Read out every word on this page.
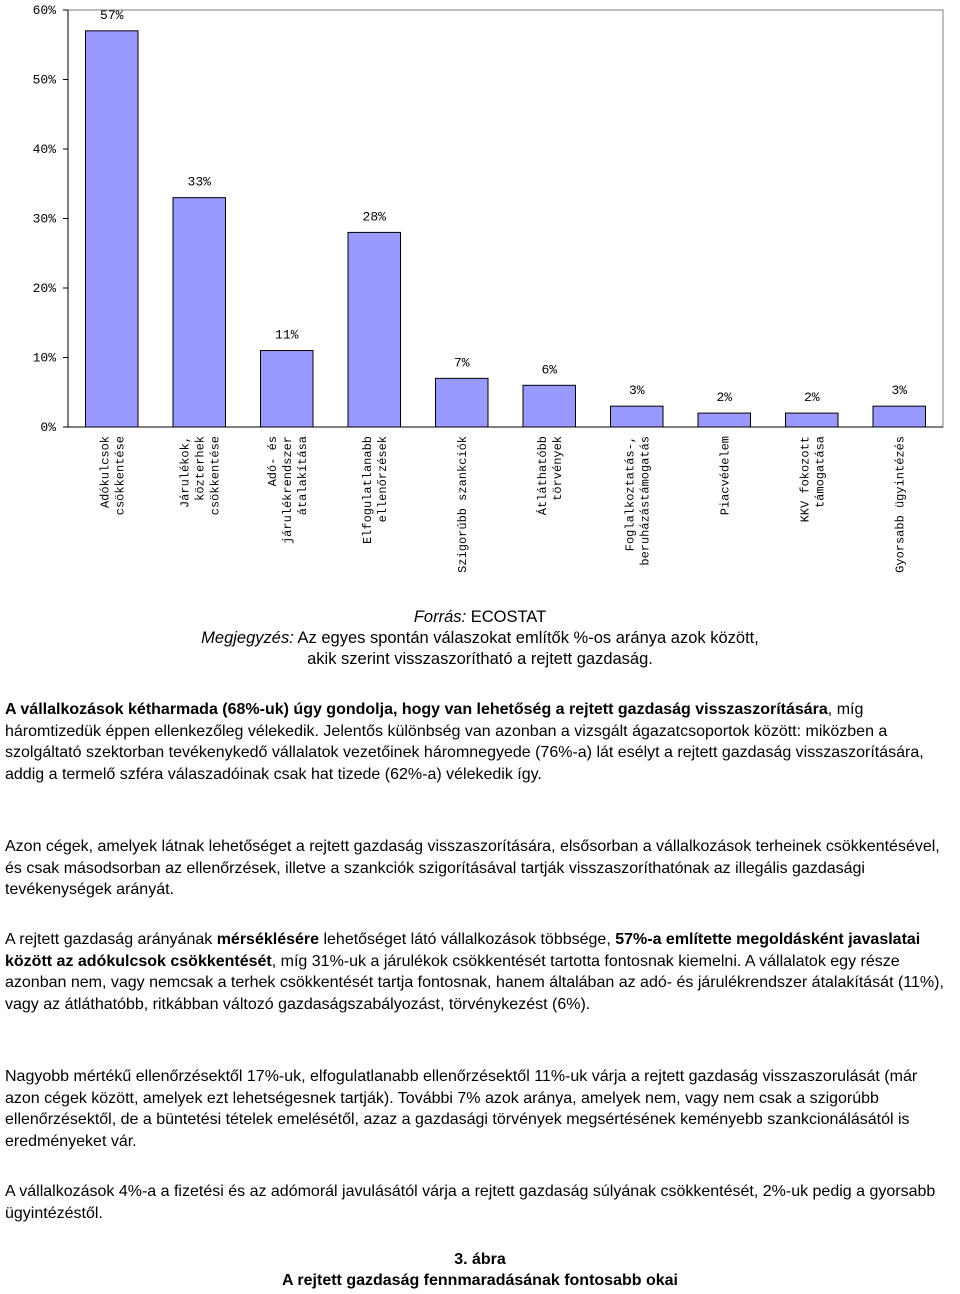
0%
10%
20%
30%
40%
50%
60%	57%
33%
11%
28%
7%	6%
3%	2%	2%	3%
Adókulcsok csökkentése	Járulékok, közterhek csökkentése	Adó- és járulékrendszer átalakítása	Elfogulatlanabb ellenőrzések	Szigorúbb szankciók	Átláthatóbb törvények	Foglalkoztatás-, beruházástámogatás	Piacvédelem	KKV fokozott támogatása	Gyorsabb ügyintézés
Forrás: ECOSTAT
Megjegyzés: Az egyes spontán válaszokat említők %-os aránya azok között,
akik szerint visszaszorítható a rejtett gazdaság.

A vállalkozások kétharmada (68%-uk) úgy gondolja, hogy van lehetőség a rejtett gazdaság visszaszorítására, míg háromtizedük éppen ellenkezőleg vélekedik. Jelentős különbség van azonban a vizsgált ágazatcsoportok között: miközben a szolgáltató szektorban tevékenykedő vállalatok vezetőinek háromnegyede (76%-a) lát esélyt a rejtett gazdaság visszaszorítására, addig a termelő szféra válaszadóinak csak hat tizede (62%-a) vélekedik így.

Azon cégek, amelyek látnak lehetőséget a rejtett gazdaság visszaszorítására, elsősorban a vállalkozások terheinek csökkentésével, és csak másodsorban az ellenőrzések, illetve a szankciók szigorításával tartják visszaszoríthatónak az illegális gazdasági tevékenységek arányát.

A rejtett gazdaság arányának mérséklésére lehetőséget látó vállalkozások többsége, 57%-a említette megoldásként javaslatai között az adókulcsok csökkentését, míg 31%-uk a járulékok csökkentését tartotta fontosnak kiemelni. A vállalatok egy része azonban nem, vagy nemcsak a terhek csökkentését tartja fontosnak, hanem általában az adó- és járulékrendszer átalakítását (11%), vagy az átláthatóbb, ritkábban változó gazdaságszabályozást, törvénykezést (6%).

Nagyobb mértékű ellenőrzésektől 17%-uk, elfogulatlanabb ellenőrzésektől 11%-uk várja a rejtett gazdaság visszaszorulását (már azon cégek között, amelyek ezt lehetségesnek tartják). További 7% azok aránya, amelyek nem, vagy nem csak a szigorúbb ellenőrzésektől, de a büntetési tételek emelésétől, azaz a gazdasági törvények megsértésének keményebb szankcionálásától is eredményeket vár.

A vállalkozások 4%-a a fizetési és az adómorál javulásától várja a rejtett gazdaság súlyának csökkentését, 2%-uk pedig a gyorsabb ügyintézéstől.

3. ábra
A rejtett gazdaság fennmaradásának fontosabb okai
